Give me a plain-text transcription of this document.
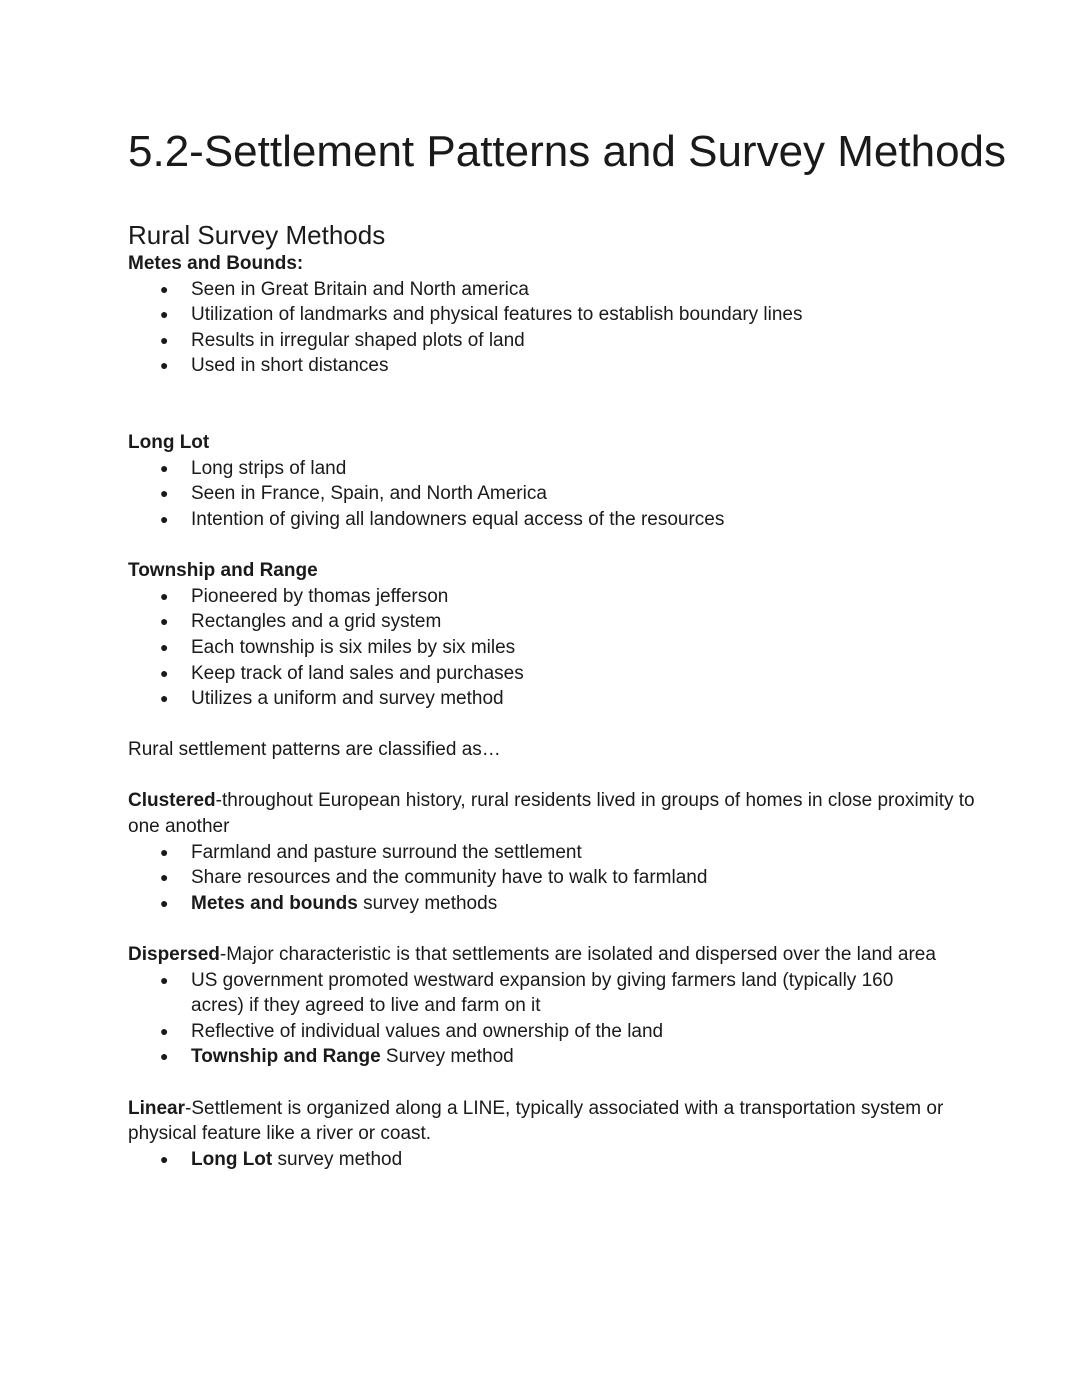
5.2-Settlement Patterns and Survey Methods
Rural Survey Methods

Metes and Bounds:

● Seen in Great Britain and North america
● Utilization of landmarks and physical features to establish boundary lines
● Results in irregular shaped plots of land
● Used in short distances

Long Lot

● Long strips of land
● Seen in France, Spain, and North America
● Intention of giving all landowners equal access of the resources

Township and Range

● Pioneered by thomas jefferson
● Rectangles and a grid system
● Each township is six miles by six miles
● Keep track of land sales and purchases
● Utilizes a uniform and survey method

Rural settlement patterns are classified as…

Clustered-throughout European history, rural residents lived in groups of homes in close proximity to one another

● Farmland and pasture surround the settlement
● Share resources and the community have to walk to farmland
● Metes and bounds survey methods

Dispersed-Major characteristic is that settlements are isolated and dispersed over the land area

● US government promoted westward expansion by giving farmers land (typically 160 acres) if they agreed to live and farm on it
● Reflective of individual values and ownership of the land
● Township and Range Survey method

Linear-Settlement is organized along a LINE, typically associated with a transportation system or physical feature like a river or coast.

● Long Lot survey method
